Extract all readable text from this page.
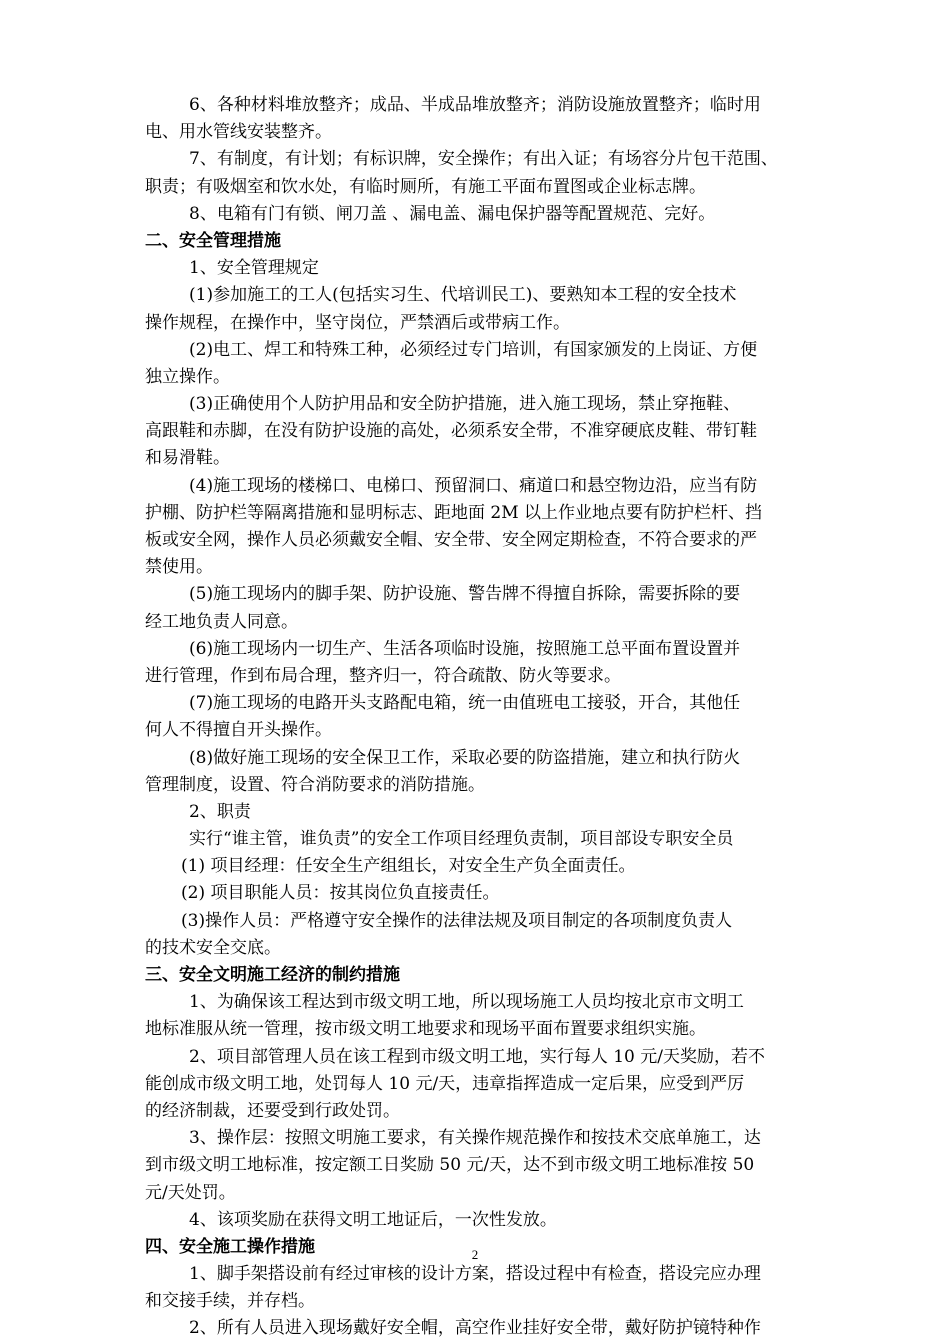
6、各种材料堆放整齐；成品、半成品堆放整齐；消防设施放置整齐；临时用
电、用水管线安装整齐。
7、有制度，有计划；有标识牌，安全操作；有出入证；有场容分片包干范围、
职责；有吸烟室和饮水处，有临时厕所，有施工平面布置图或企业标志牌。
8、电箱有门有锁、闸刀盖 、漏电盖、漏电保护器等配置规范、完好。
二、安全管理措施
1、安全管理规定
(1)参加施工的工人(包括实习生、代培训民工)、要熟知本工程的安全技术
操作规程，在操作中，坚守岗位，严禁酒后或带病工作。
(2)电工、焊工和特殊工种，必须经过专门培训，有国家颁发的上岗证、方便
独立操作。
(3)正确使用个人防护用品和安全防护措施，进入施工现场，禁止穿拖鞋、
高跟鞋和赤脚，在没有防护设施的高处，必须系安全带，不准穿硬底皮鞋、带钉鞋
和易滑鞋。
(4)施工现场的楼梯口、电梯口、预留洞口、痛道口和悬空物边沿，应当有防
护棚、防护栏等隔离措施和显明标志、距地面 2M 以上作业地点要有防护栏杆、挡
板或安全网，操作人员必须戴安全帽、安全带、安全网定期检查，不符合要求的严
禁使用。
(5)施工现场内的脚手架、防护设施、警告牌不得擅自拆除，需要拆除的要
经工地负责人同意。
(6)施工现场内一切生产、生活各项临时设施，按照施工总平面布置设置并
进行管理，作到布局合理，整齐归一，符合疏散、防火等要求。
(7)施工现场的电路开头支路配电箱，统一由值班电工接驳，开合，其他任
何人不得擅自开头操作。
(8)做好施工现场的安全保卫工作，采取必要的防盗措施，建立和执行防火
管理制度，设置、符合消防要求的消防措施。
2、职责
实行“谁主管，谁负责”的安全工作项目经理负责制，项目部设专职安全员
(1) 项目经理：任安全生产组组长，对安全生产负全面责任。
(2) 项目职能人员：按其岗位负直接责任。
(3)操作人员：严格遵守安全操作的法律法规及项目制定的各项制度负责人
的技术安全交底。
三、安全文明施工经济的制约措施
1、为确保该工程达到市级文明工地，所以现场施工人员均按北京市文明工
地标准服从统一管理，按市级文明工地要求和现场平面布置要求组织实施。
2、项目部管理人员在该工程到市级文明工地，实行每人 10 元/天奖励，若不
能创成市级文明工地，处罚每人 10 元/天，违章指挥造成一定后果，应受到严厉
的经济制裁，还要受到行政处罚。
3、操作层：按照文明施工要求，有关操作规范操作和按技术交底单施工，达
到市级文明工地标准，按定额工日奖励 50 元/天，达不到市级文明工地标准按 50
元/天处罚。
4、该项奖励在获得文明工地证后，一次性发放。
四、安全施工操作措施
1、脚手架搭设前有经过审核的设计方案，搭设过程中有检查，搭设完应办理
和交接手续，并存档。
2、所有人员进入现场戴好安全帽，高空作业挂好安全带，戴好防护镜特种作
2
